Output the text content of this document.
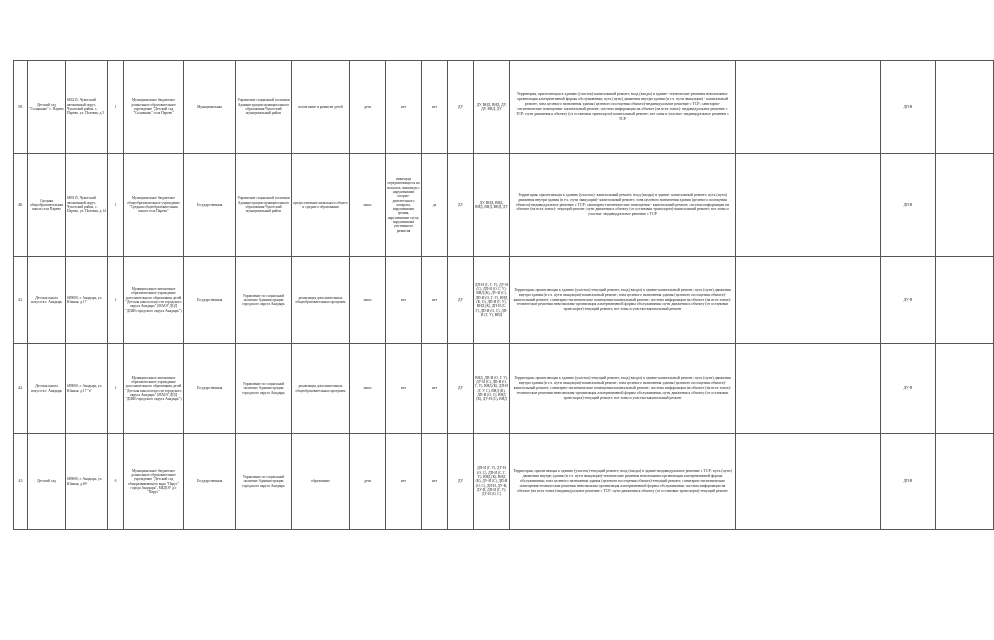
39.	Детский сад "Солнышко" с. Парево	683215, Чукотский автономный округ, Чукотский район, с. Парево, ул. Полевая, д.5	1	Муниципальное бюджетное дошкольное образовательное учреждение "Детский сад "Солнышко" села Парево"	Муниципальная	Управление социальной политики Администрации муниципального образования Чукотский муниципальный район	воспитание и развитие детей	дети	нет	нет	ДУ	ДУ, ВНД, ВНД, ДУ, ДУ, ВНД, ДУ	Территория, прилегающая к зданию (участок)-капитальный ремонт; вход (входы) в здание- технические решения невозможны-организация альтернативной формы обслуживания; путь (пути) движения внутри здания (в т.ч. пути эвакуации) - капитальный ремонт; зона целевого назначения здания (целевого посещения объекта)-индивидуальное решение с ТСР; санитарно-гигиенические помещения- капитальный ремонт; система информации на объекте (на всех зонах)- индивидуальное решение с ТСР; пути движения к объекту (от остановки транспорта)-капитальный ремонт; все зоны и участки- индивидуальное решение с ТСР		ДП-В	
40.	Средняя общеобразовательная школа села Парево	689315, Чукотский автономный округ, Чукотский район, с. Парево, ул. Полевая, д.14	1	Муниципальное бюджетное общеобразовательное учреждение "Средняя общеобразовательная школа села Парево"	Государственная	Управление социальной политики Администрации муниципального образования Чукотский муниципальный район	предоставление начального общего и среднего образования	школ	инвалиды передвигающиеся на колясках, инвалиды с нарушениями опорно-двигательного аппарата, нарушениями зрения, нарушениями слуха, нарушениями умственного развития	да	ДУ	ДУ, ВНД, ВНД, ВНД, ВНД, ВНД, ДУ	Территория, прилегающая к зданию (участок)- капитальный ремонт; вход (входы) в здание- капитальный ремонт; путь (пути) движения внутри здания (в т.ч. пути эвакуации)- капитальный ремонт; зона целевого назначения здания (целевого посещения объекта)-индивидуальное решение с ТСР; санитарно-гигиенические помещения - капитальный ремонт; система информации на объекте (на всех зонах)- текущий ремонт; пути движения к объекту (от остановки транспорта)-капитальный ремонт; все зоны и участки- индивидуальное решение с ТСР		ДП-В	
41.	Детская школа искусств г. Анадырь	689000, г. Анадырь, ул. Южная, д.17	1	Муниципальное автономное образовательное учреждение дополнительного образования детей "Детская школа искусств городского округа Анадырь" (МАОУ ДОД "ДШИ городского округа Анадырь")	Государственная	Управление по социальной политике Администрации городского округа Анадырь	реализация дополнительных общеобразовательных программ	школ	нет	нет	ДУ	ДП-И (С, Г, У), ДУ-И (С), ДП-И (О, Г, У), ВНД (К), ДУ-И (С), ДП-И (О, Г, У), ВНД (К, О), ДП-И (Г, У), ВНД (К), ДП-И (С, Г), ДП-И (О, С), ДП-И (Г, У), ВНД	Территория, прилегающая к зданию (участок)-текущий ремонт; вход (входы) в здание-капитальный ремонт; путь (пути) движения внутри здания (в т.ч. пути эвакуации)-капитальный ремонт; зона целевого назначения здания (целевого посещения объекта)-капитальный ремонт; санитарно-гигиенические помещения-капитальный ремонт; система информации на объекте (на всех зонах)-технические решения невозможны-организация альтернативной формы обслуживания; пути движения к объекту (от остановки транспорта)-текущий ремонт; все зоны и участки-капитальный ремонт		ДУ-В	
42.	Детская школа искусств г. Анадырь	689000, г. Анадырь, ул. Южная, д.17 "а"	1	Муниципальное автономное образовательное учреждение дополнительного образования детей "Детская школа искусств городского округа Анадырь" (МАОУ ДОД "ДШИ городского округа Анадырь")	Государственная	Управление по социальной политике Администрации городского округа Анадырь	реализация дополнительных общеобразовательных программ	школ	нет	нет	ДУ	ВНД, ДП-И (О, Г, У), ДУ-И (С), ДП-И (О, Г, У), ВНД (К), ДП-И (Г, У, С), ВНД (К), ДП-И (О, С), ВНД (К), ДУ-И (С), ВНД	Территория, прилегающая к зданию (участок)-текущий ремонт; вход (входы) в здание-капитальный ремонт; путь (пути) движения внутри здания (в т.ч. пути эвакуации)-капитальный ремонт; зона целевого назначения здания (целевого посещения объекта)-капитальный ремонт; санитарно-гигиенические помещения-капитальный ремонт; система информации на объекте (на всех зонах)-технические решения невозможны-организация альтернативной формы обслуживания; пути движения к объекту (от остановки транспорта)-текущий ремонт; все зоны и участки-капитальный ремонт		ДУ-В	
43	Детский сад	689000, г. Анадырь, ул. Южная, д.69	6	Муниципальное бюджетное дошкольное образовательное учреждение "Детский сад общеразвивающего вида "Парус" города Анадыря", МБДОУ д/с "Парус"	Государственная	Управление по социальной политике Администрации городского округа Анадырь	образование	дети	нет	нет	ДУ	ДП-И (Г, У), ДУ-И (О, С), ДП-И (С, Г, У), ВНД (К), ВНД (К), ДУ-И (С), ДП-И (О, С), ДП-И, ДУ-В, ДУ-В, ДП-И (Г, У), ДУ-И (О, С)	Территория, прилегающая к зданию (участок)-текущий ремонт; вход (входы) в здание-индивидуальное решение с ТСР; путь (пути) движения внутри здания (в т.ч. пути эвакуации)-технические решения невозможны-организация альтернативной формы обслуживания; зона целевого назначения здания (целевого посещения объекта)-текущий ремонт; санитарно-гигиенические помещения-технические решения невозможны-организация альтернативной формы обслуживания; система информации на объекте (на всех зонах)-индивидуальное решение с ТСР; пути движения к объекту (от остановки транспорта)-текущий ремонт		ДП-В	
